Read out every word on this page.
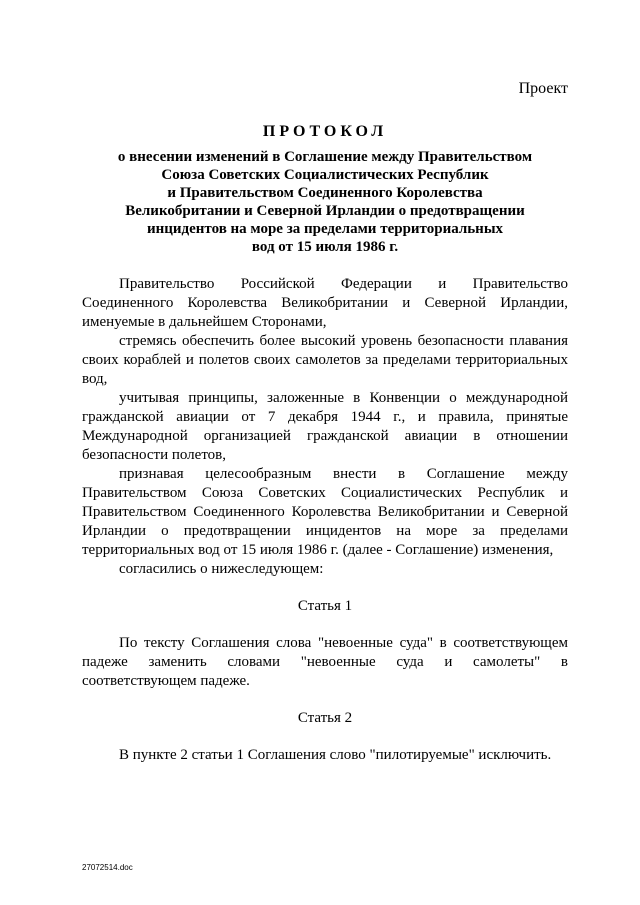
Проект
ПРОТОКОЛ
о внесении изменений в Соглашение между Правительством
Союза Советских Социалистических Республик
и Правительством Соединенного Королевства
Великобритании и Северной Ирландии о предотвращении
инцидентов на море за пределами территориальных
вод от 15 июля 1986 г.
Правительство Российской Федерации и Правительство
Соединенного Королевства Великобритании и Северной Ирландии,
именуемые в дальнейшем Сторонами,
стремясь обеспечить более высокий уровень безопасности плавания
своих кораблей и полетов своих самолетов за пределами территориальных
вод,
учитывая принципы, заложенные в Конвенции о международной
гражданской авиации от 7 декабря 1944 г., и правила, принятые
Международной организацией гражданской авиации в отношении
безопасности полетов,
признавая целесообразным внести в Соглашение между
Правительством Союза Советских Социалистических Республик и
Правительством Соединенного Королевства Великобритании и Северной
Ирландии о предотвращении инцидентов на море за пределами
территориальных вод от 15 июля 1986 г. (далее - Соглашение) изменения,
согласились о нижеследующем:

Статья 1

По тексту Соглашения слова "невоенные суда" в соответствующем
падеже заменить словами "невоенные суда и самолеты" в
соответствующем падеже.

Статья 2

В пункте 2 статьи 1 Соглашения слово "пилотируемые" исключить.
27072514.doc
